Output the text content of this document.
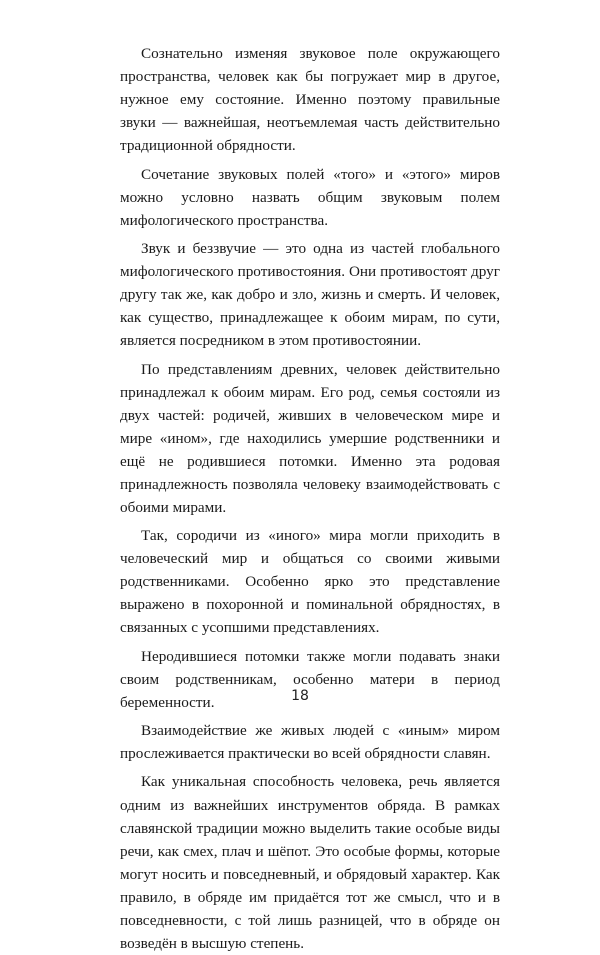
Сознательно изменяя звуковое поле окружающего пространства, человек как бы погружает мир в другое, нужное ему состояние. Именно поэтому правильные звуки — важнейшая, неотъемлемая часть действительно традиционной обрядности.

Сочетание звуковых полей «того» и «этого» миров можно условно назвать общим звуковым полем мифологического пространства.

Звук и беззвучие — это одна из частей глобального мифологического противостояния. Они противостоят друг другу так же, как добро и зло, жизнь и смерть. И человек, как существо, принадлежащее к обоим мирам, по сути, является посредником в этом противостоянии.

По представлениям древних, человек действительно принадлежал к обоим мирам. Его род, семья состояли из двух частей: родичей, живших в человеческом мире и мире «ином», где находились умершие родственники и ещё не родившиеся потомки. Именно эта родовая принадлежность позволяла человеку взаимодействовать с обоими мирами.

Так, сородичи из «иного» мира могли приходить в человеческий мир и общаться со своими живыми родственниками. Особенно ярко это представление выражено в похоронной и поминальной обрядностях, в связанных с усопшими представлениях.

Неродившиеся потомки также могли подавать знаки своим родственникам, особенно матери в период беременности.

Взаимодействие же живых людей с «иным» миром прослеживается практически во всей обрядности славян.

Как уникальная способность человека, речь является одним из важнейших инструментов обряда. В рамках славянской традиции можно выделить такие особые виды речи, как смех, плач и шёпот. Это особые формы, которые могут носить и повседневный, и обрядовый характер. Как правило, в обряде им придаётся тот же смысл, что и в повседневности, с той лишь разницей, что в обряде он возведён в высшую степень.

18
